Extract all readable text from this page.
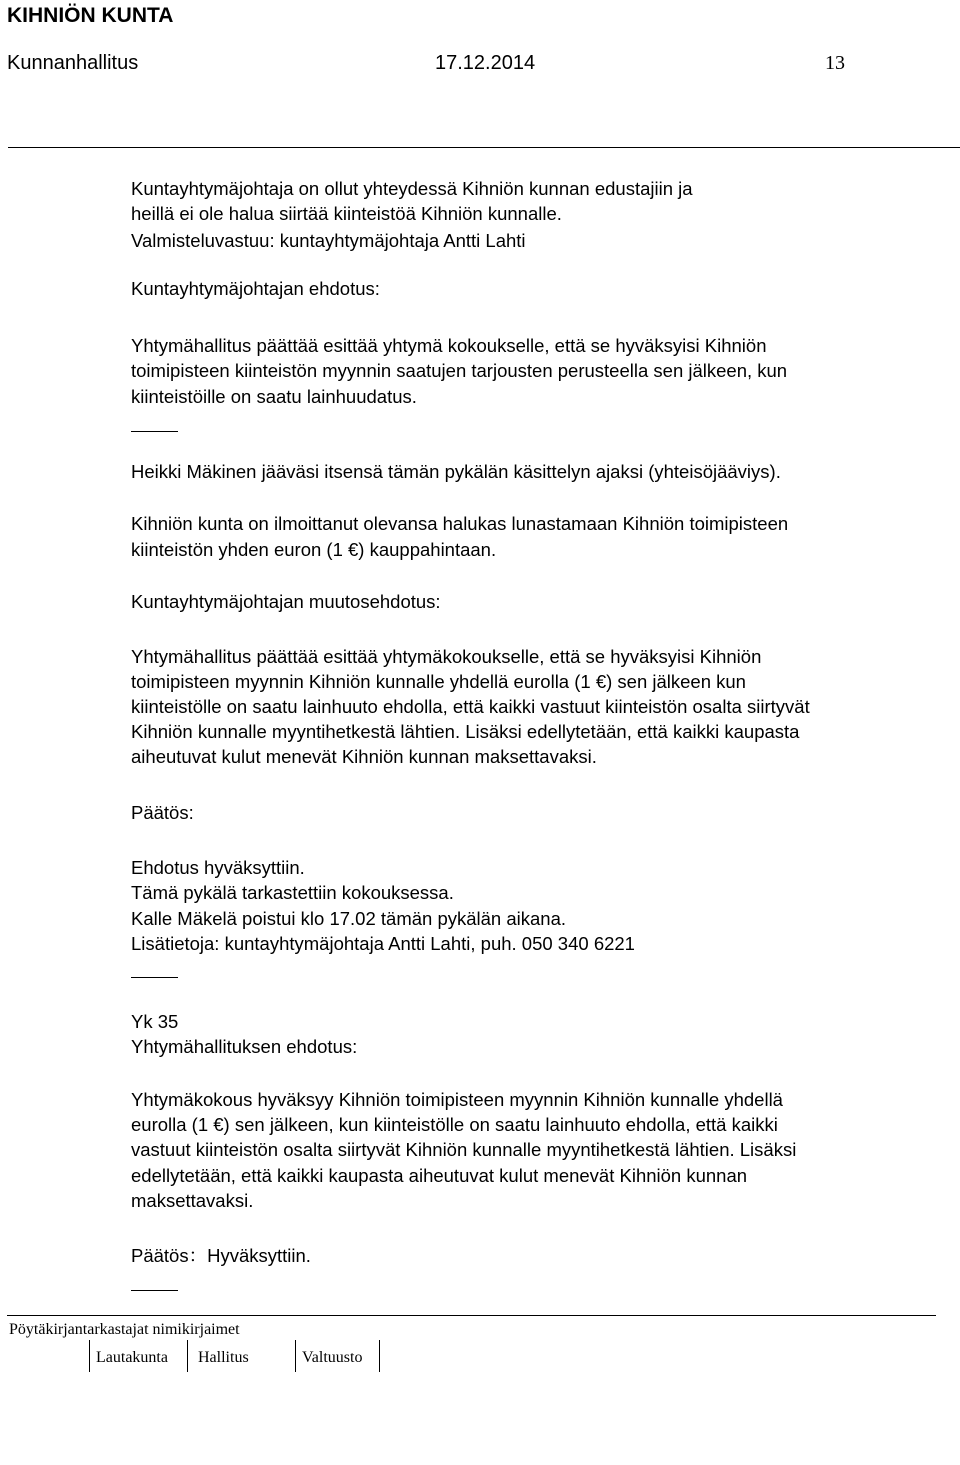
KIHNIÖN KUNTA
Kunnanhallitus	17.12.2014	13
Kuntayhtymäjohtaja on ollut yhteydessä Kihniön kunnan edustajiin ja
heillä ei ole halua siirtää kiinteistöä Kihniön kunnalle.
Valmisteluvastuu: kuntayhtymäjohtaja Antti Lahti
Kuntayhtymäjohtajan ehdotus:
Yhtymähallitus päättää esittää yhtymä kokoukselle, että se hyväksyisi Kihniön
toimipisteen kiinteistön myynnin saatujen tarjousten perusteella sen jälkeen, kun
kiinteistöille on saatu lainhuudatus.
Heikki Mäkinen jääväsi itsensä tämän pykälän käsittelyn ajaksi (yhteisöjääviys).
Kihniön kunta on ilmoittanut olevansa halukas lunastamaan Kihniön toimipisteen
kiinteistön yhden euron (1 €) kauppahintaan.
Kuntayhtymäjohtajan muutosehdotus:
Yhtymähallitus päättää esittää yhtymäkokoukselle, että se hyväksyisi Kihniön
toimipisteen myynnin Kihniön kunnalle yhdellä eurolla (1 €) sen jälkeen kun
kiinteistölle on saatu lainhuuto ehdolla, että kaikki vastuut kiinteistön osalta siirtyvät
Kihniön kunnalle myyntihetkestä lähtien. Lisäksi edellytetään, että kaikki kaupasta
aiheutuvat kulut menevät Kihniön kunnan maksettavaksi.
Päätös:
Ehdotus hyväksyttiin.
Tämä pykälä tarkastettiin kokouksessa.
Kalle Mäkelä poistui klo 17.02 tämän pykälän aikana.
Lisätietoja: kuntayhtymäjohtaja Antti Lahti, puh. 050 340 6221
Yk 35
Yhtymähallituksen ehdotus:
Yhtymäkokous hyväksyy Kihniön toimipisteen myynnin Kihniön kunnalle yhdellä
eurolla (1 €) sen jälkeen, kun kiinteistölle on saatu lainhuuto ehdolla, että kaikki
vastuut kiinteistön osalta siirtyvät Kihniön kunnalle myyntihetkestä lähtien. Lisäksi
edellytetään, että kaikki kaupasta aiheutuvat kulut menevät Kihniön kunnan
maksettavaksi.
Päätös：Hyväksyttiin.
Pöytäkirjantarkastajat nimikirjaimet
Lautakunta Hallitus	Valtuusto
